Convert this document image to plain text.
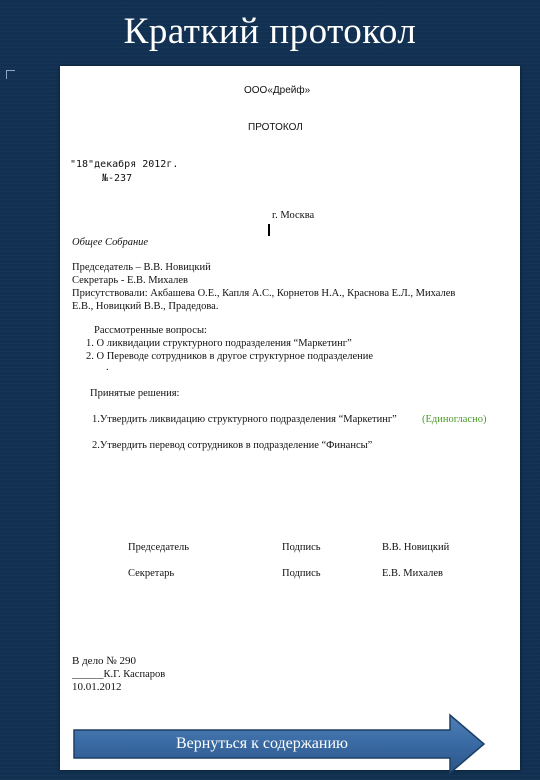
Краткий протокол
ООО«Дрейф»
ПРОТОКОЛ
"18"декабря 2012г.
№-237
г. Москва
Общее Собрание
Председатель – В.В. Новицкий
Секретарь - Е.В. Михалев
Присутствовали: Акбашева О.Е., Капля А.С., Корнетов Н.А., Краснова Е.Л., Михалев
Е.В., Новицкий В.В., Прадедова.
Рассмотренные вопросы:
1. О ликвидации структурного подразделения “Маркетинг”
2. О Переводе сотрудников в другое структурное подразделение
.
Принятые решения:
1.Утвердить ликвидацию структурного подразделения “Маркетинг” (Единогласно)
2.Утвердить перевод сотрудников в подразделение “Финансы”
Председатель	Подпись	В.В. Новицкий
Секретарь	Подпись	Е.В. Михалев
В дело № 290
______К.Г. Каспаров
10.01.2012
Вернуться к содержанию
